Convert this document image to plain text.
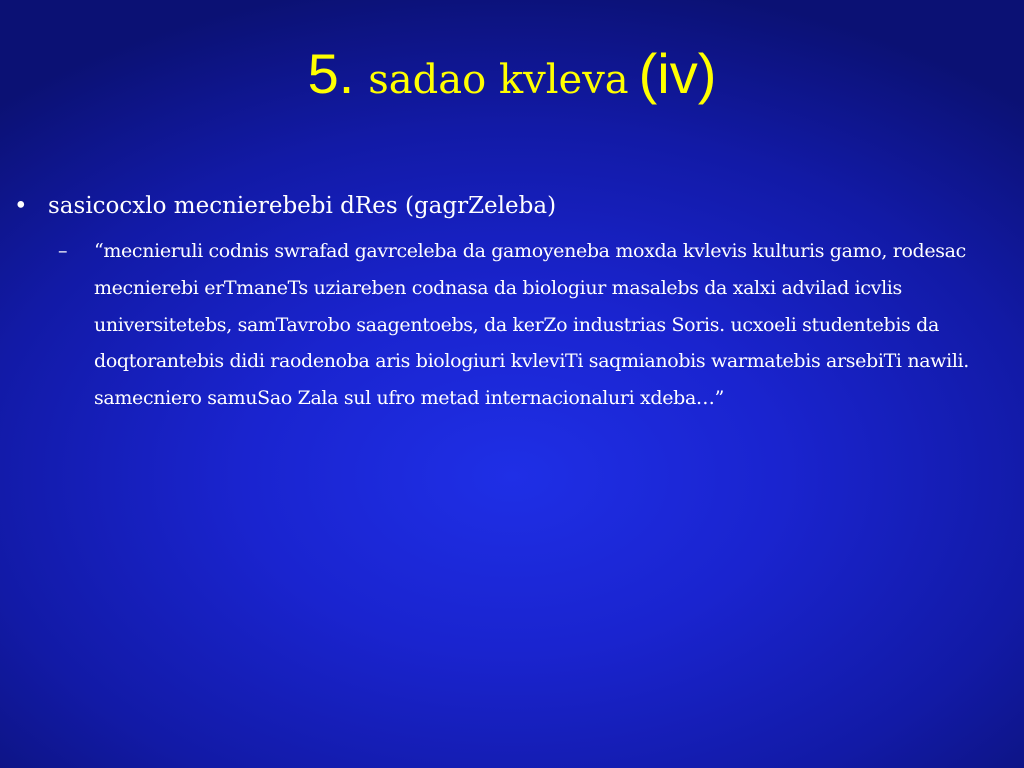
5. sadao kvleva (iv)
• sasicocxlo mecnierebebi dRes (gagrZeleba)
–	“mecnieruli codnis swrafad gavrceleba da gamoyeneba moxda kvlevis kulturis gamo, rodesac mecnierebi erTmaneTs uziareben codnasa da biologiur masalebs da xalxi advilad icvlis universitetebs, samTavrobo saagentoebs, da kerZo industrias Soris. ucxoeli studentebis da doqtorantebis didi raodenoba aris biologiuri kvleviTi saqmianobis warmatebis arsebiTi nawili. samecniero samuSao Zala sul ufro metad internacionaluri xdeba…”
